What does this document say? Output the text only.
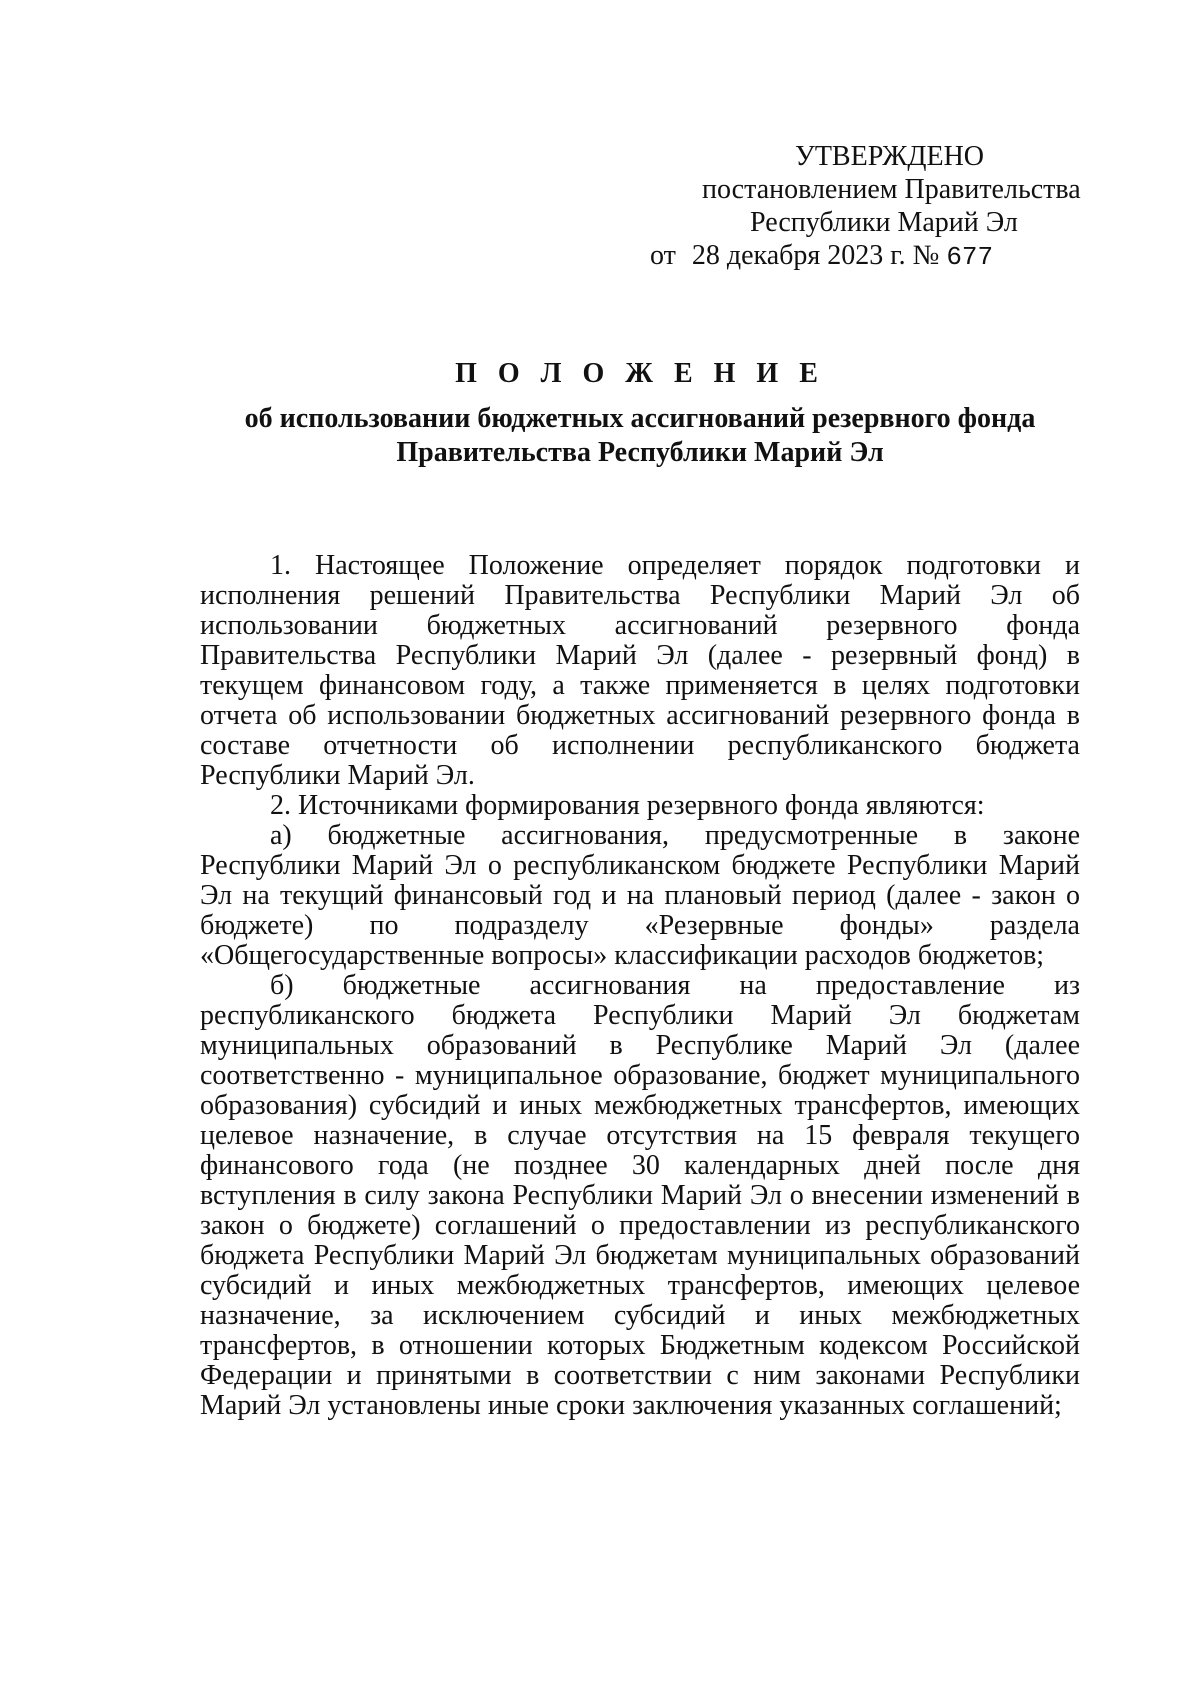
УТВЕРЖДЕНО
постановлением Правительства
Республики Марий Эл
от 28 декабря 2023 г. № 677
П О Л О Ж Е Н И Е
об использовании бюджетных ассигнований резервного фонда
Правительства Республики Марий Эл

1. Настоящее Положение определяет порядок подготовки и исполнения решений Правительства Республики Марий Эл об использовании бюджетных ассигнований резервного фонда Правительства Республики Марий Эл (далее - резервный фонд) в текущем финансовом году, а также применяется в целях подготовки отчета об использовании бюджетных ассигнований резервного фонда в составе отчетности об исполнении республиканского бюджета Республики Марий Эл.

2. Источниками формирования резервного фонда являются:

а) бюджетные ассигнования, предусмотренные в законе Республики Марий Эл о республиканском бюджете Республики Марий Эл на текущий финансовый год и на плановый период (далее - закон о бюджете) по подразделу «Резервные фонды» раздела «Общегосударственные вопросы» классификации расходов бюджетов;

б) бюджетные ассигнования на предоставление из республиканского бюджета Республики Марий Эл бюджетам муниципальных образований в Республике Марий Эл (далее соответственно - муниципальное образование, бюджет муниципального образования) субсидий и иных межбюджетных трансфертов, имеющих целевое назначение, в случае отсутствия на 15 февраля текущего финансового года (не позднее 30 календарных дней после дня вступления в силу закона Республики Марий Эл о внесении изменений в закон о бюджете) соглашений о предоставлении из республиканского бюджета Республики Марий Эл бюджетам муниципальных образований субсидий и иных межбюджетных трансфертов, имеющих целевое назначение, за исключением субсидий и иных межбюджетных трансфертов, в отношении которых Бюджетным кодексом Российской Федерации и принятыми в соответствии с ним законами Республики Марий Эл установлены иные сроки заключения указанных соглашений;
